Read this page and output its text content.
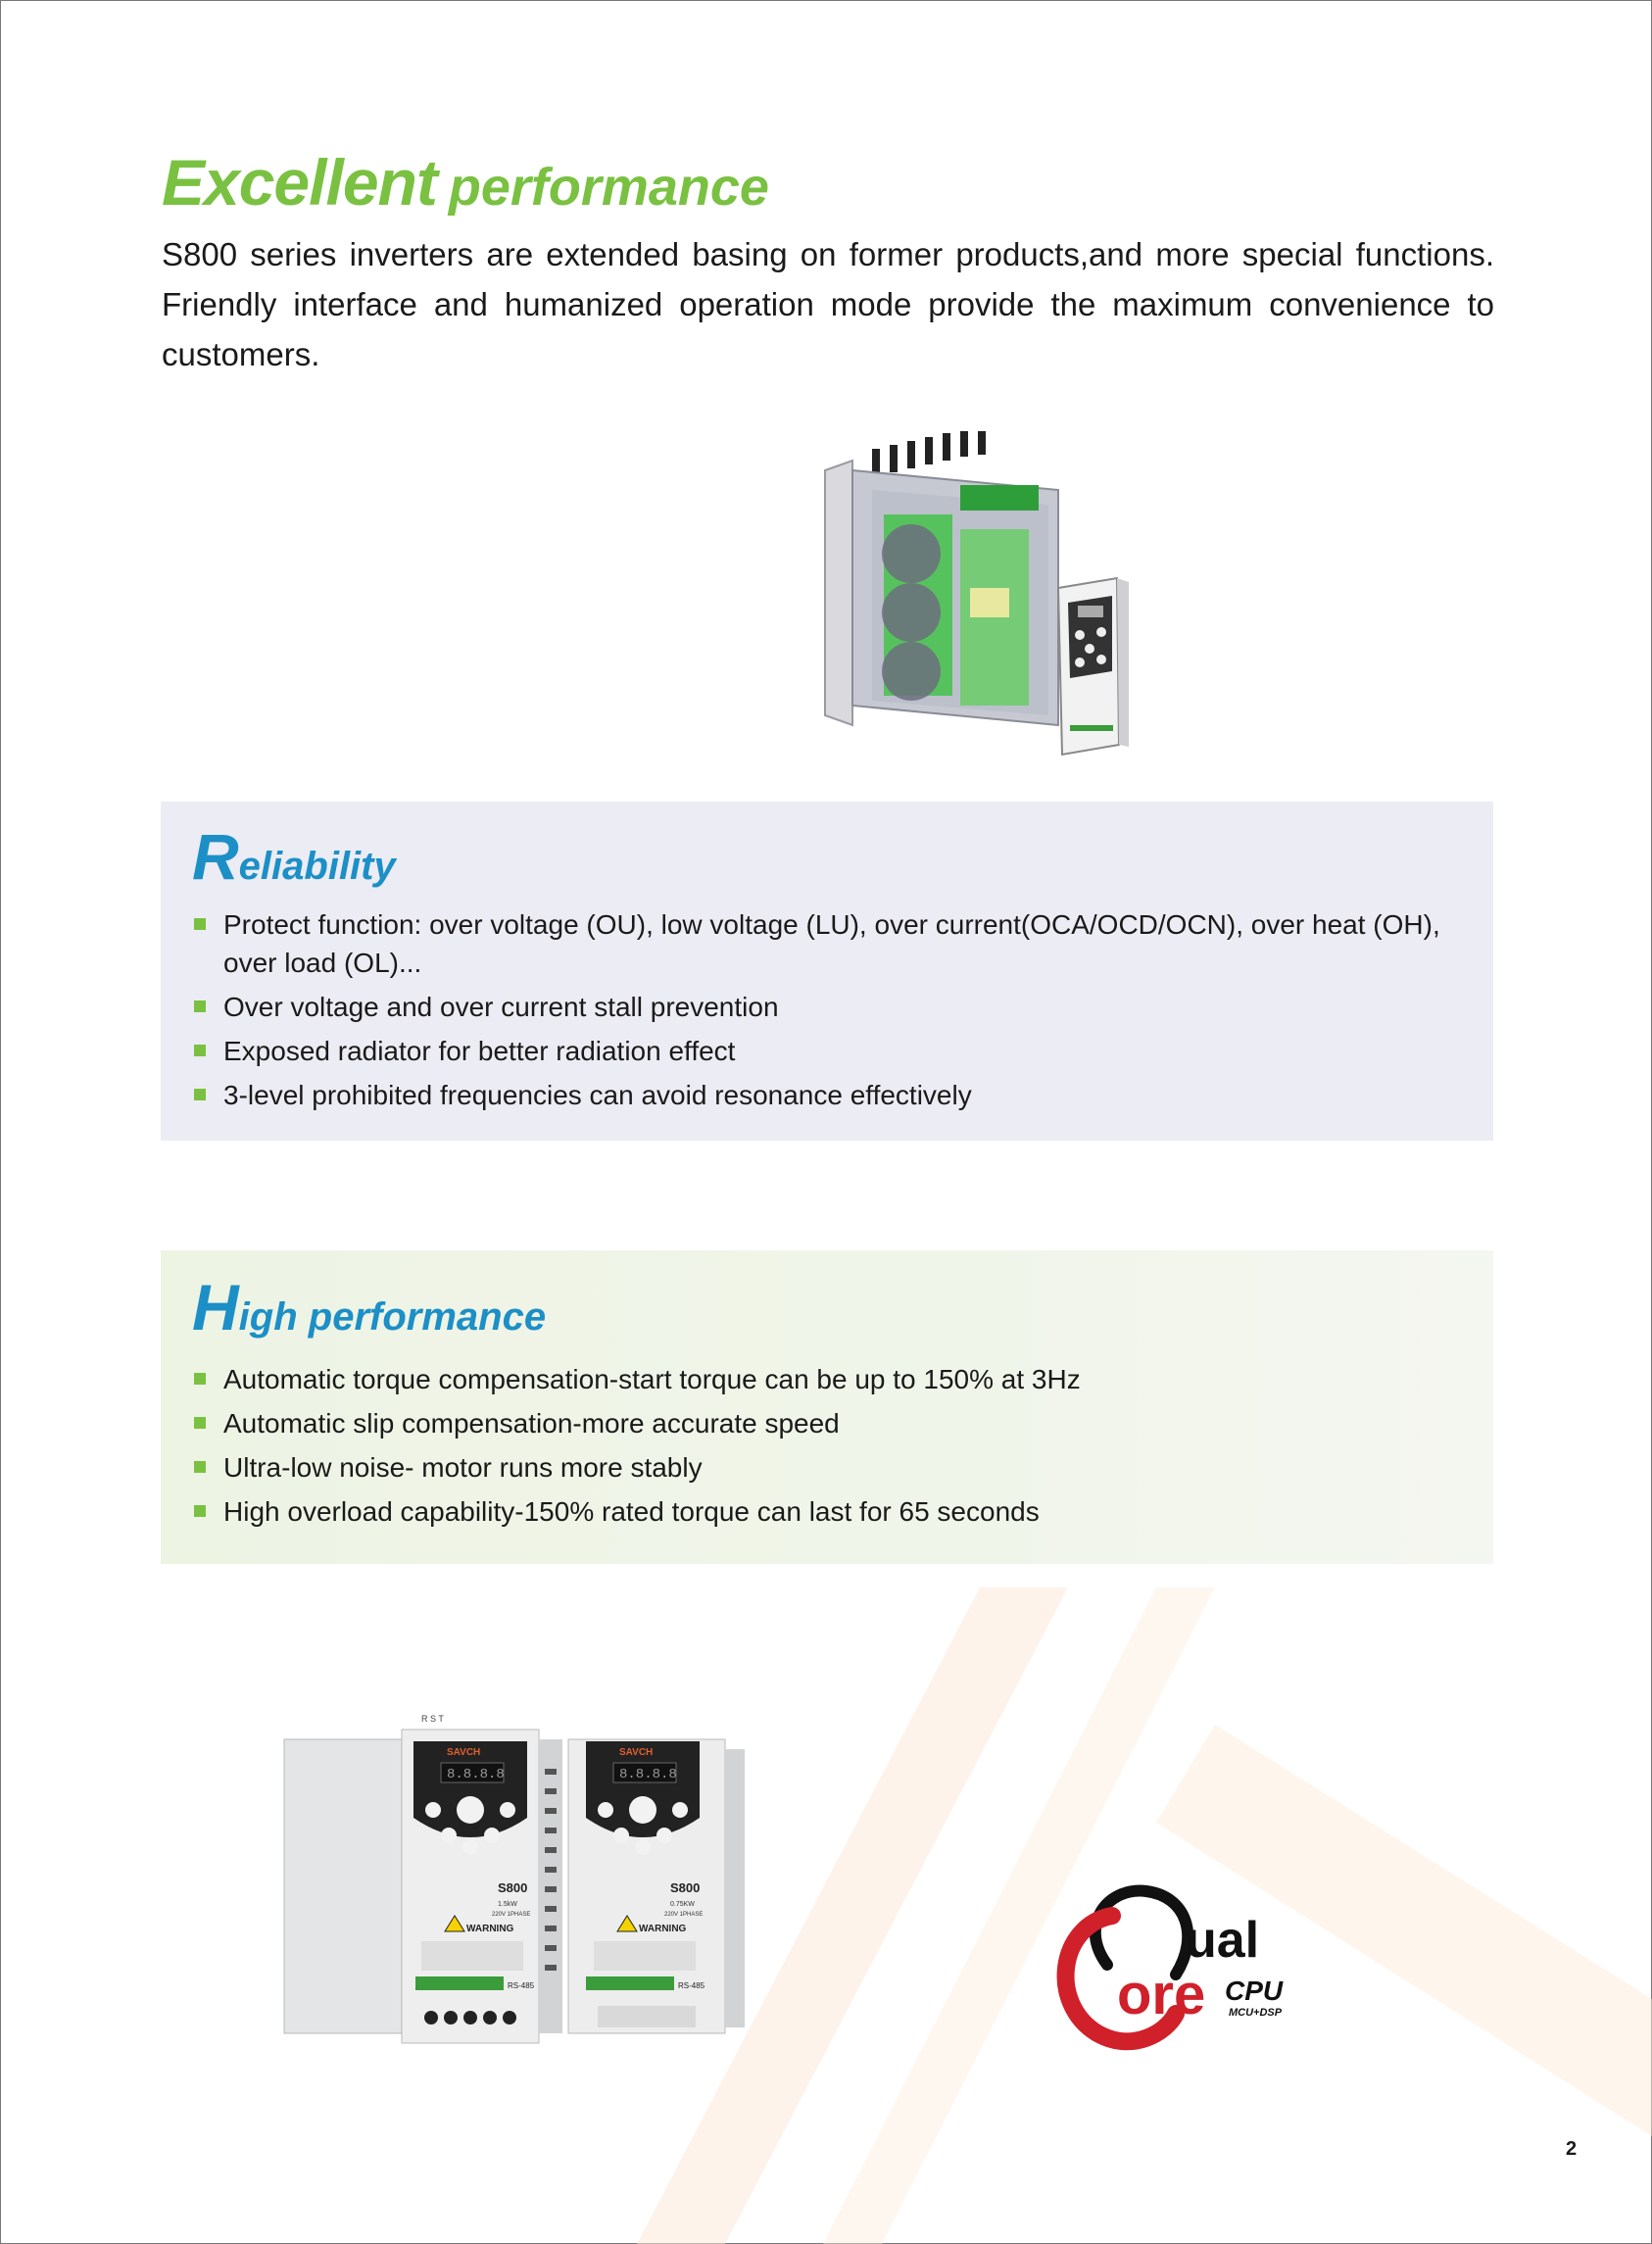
Excellent performance

S800 series inverters are extended basing on former products,and more special functions. Friendly interface and humanized operation mode provide the maximum convenience to customers.

Reliability
Protect function: over voltage (OU), low voltage (LU), over current(OCA/OCD/OCN), over heat (OH), over load (OL)...
Over voltage and over current stall prevention
Exposed radiator for better radiation effect
3-level prohibited frequencies can avoid resonance effectively
High performance
Automatic torque compensation-start torque can be up to 150% at 3Hz
Automatic slip compensation-more accurate speed
Ultra-low noise- motor runs more stably
High overload capability-150% rated torque can last for 65 seconds
R S T
SAVCH
8.8.8.8
S800
1.5kW
220V 1PHASE
WARNING
RS-485
SAVCH
8.8.8.8
S800
0.75KW
220V 1PHASE
WARNING
RS-485
ual
ore CPU
MCU+DSP
2
